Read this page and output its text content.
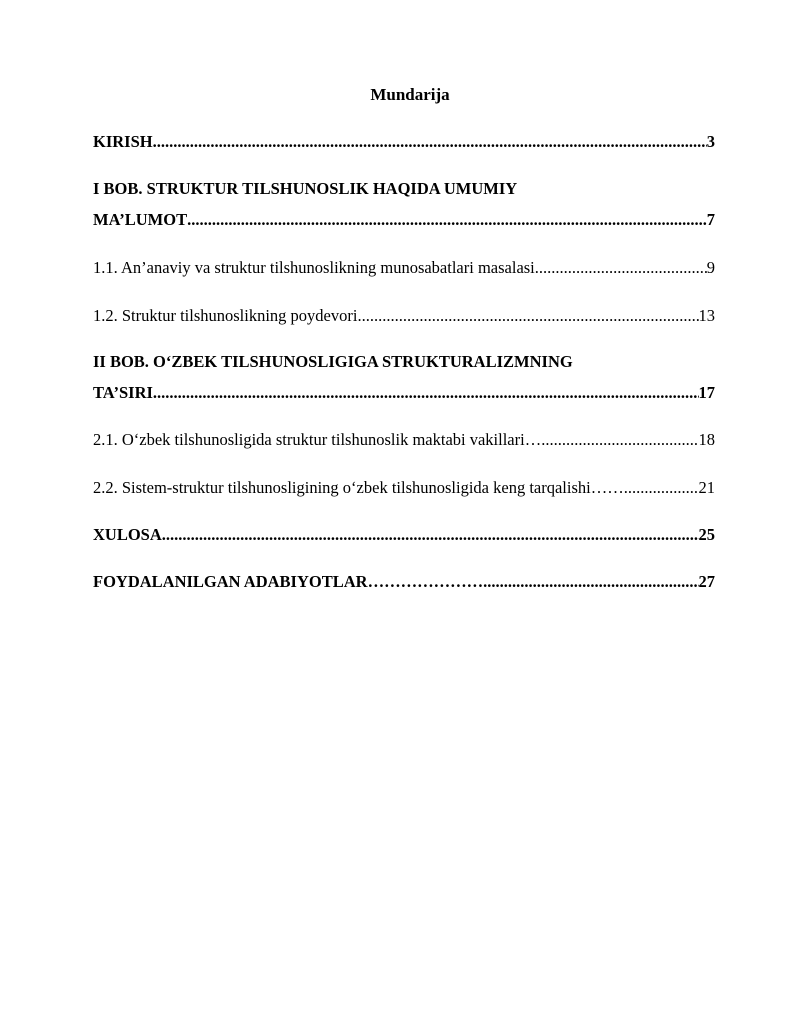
Mundarija
KIRISH .....	3
I BOB. STRUKTUR TILSHUNOSLIK HAQIDA UMUMIY
MA’LUMOT .....	7
1.1. An’anaviy va struktur tilshunoslikning munosabatlari masalasi .....	9
1.2. Struktur tilshunoslikning poydevori .....	13
II BOB. O‘ZBEK TILSHUNOSLIGIGA STRUKTURALIZMNING
TA’SIRI .....	17
2.1. O‘zbek tilshunosligida struktur tilshunoslik maktabi vakillari… .....	18
2.2. Sistem-struktur tilshunosligining o‘zbek tilshunosligida keng tarqalishi…….. .....	21
XULOSA .....	25
FOYDALANILGAN ADABIYOTLAR………………… .....	27
